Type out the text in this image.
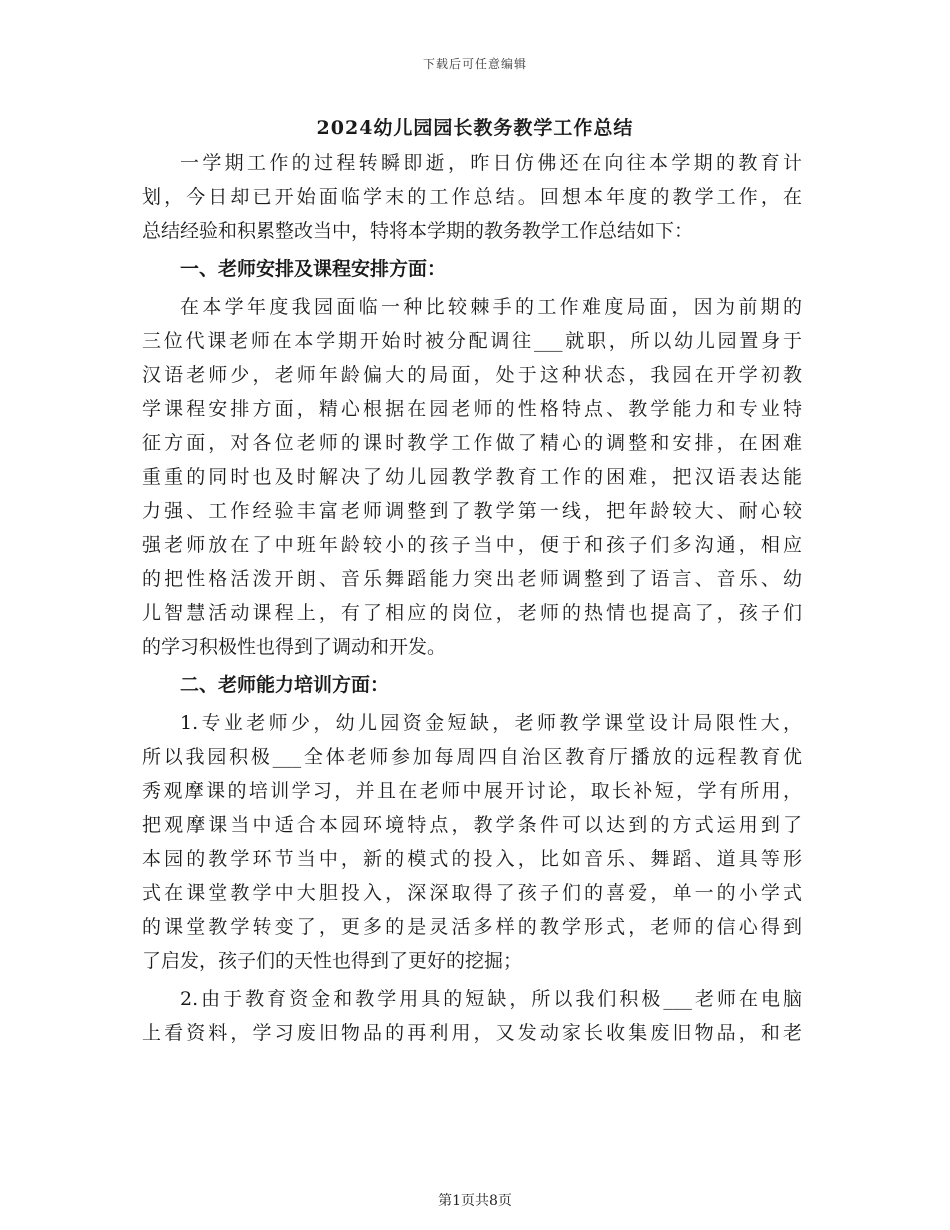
下载后可任意编辑
2024幼儿园园长教务教学工作总结
一学期工作的过程转瞬即逝，昨日仿佛还在向往本学期的教育计
划，今日却已开始面临学末的工作总结。回想本年度的教学工作，在
总结经验和积累整改当中，特将本学期的教务教学工作总结如下：
一、老师安排及课程安排方面：
在本学年度我园面临一种比较棘手的工作难度局面，因为前期的
三位代课老师在本学期开始时被分配调往___就职，所以幼儿园置身于
汉语老师少，老师年龄偏大的局面，处于这种状态，我园在开学初教
学课程安排方面，精心根据在园老师的性格特点、教学能力和专业特
征方面，对各位老师的课时教学工作做了精心的调整和安排，在困难
重重的同时也及时解决了幼儿园教学教育工作的困难，把汉语表达能
力强、工作经验丰富老师调整到了教学第一线，把年龄较大、耐心较
强老师放在了中班年龄较小的孩子当中，便于和孩子们多沟通，相应
的把性格活泼开朗、音乐舞蹈能力突出老师调整到了语言、音乐、幼
儿智慧活动课程上，有了相应的岗位，老师的热情也提高了，孩子们
的学习积极性也得到了调动和开发。
二、老师能力培训方面：
1.专业老师少，幼儿园资金短缺，老师教学课堂设计局限性大，
所以我园积极___全体老师参加每周四自治区教育厅播放的远程教育优
秀观摩课的培训学习，并且在老师中展开讨论，取长补短，学有所用，
把观摩课当中适合本园环境特点，教学条件可以达到的方式运用到了
本园的教学环节当中，新的模式的投入，比如音乐、舞蹈、道具等形
式在课堂教学中大胆投入，深深取得了孩子们的喜爱，单一的小学式
的课堂教学转变了，更多的是灵活多样的教学形式，老师的信心得到
了启发，孩子们的天性也得到了更好的挖掘；
2.由于教育资金和教学用具的短缺，所以我们积极___老师在电脑
上看资料，学习废旧物品的再利用，又发动家长收集废旧物品，和老
第1页共8页
